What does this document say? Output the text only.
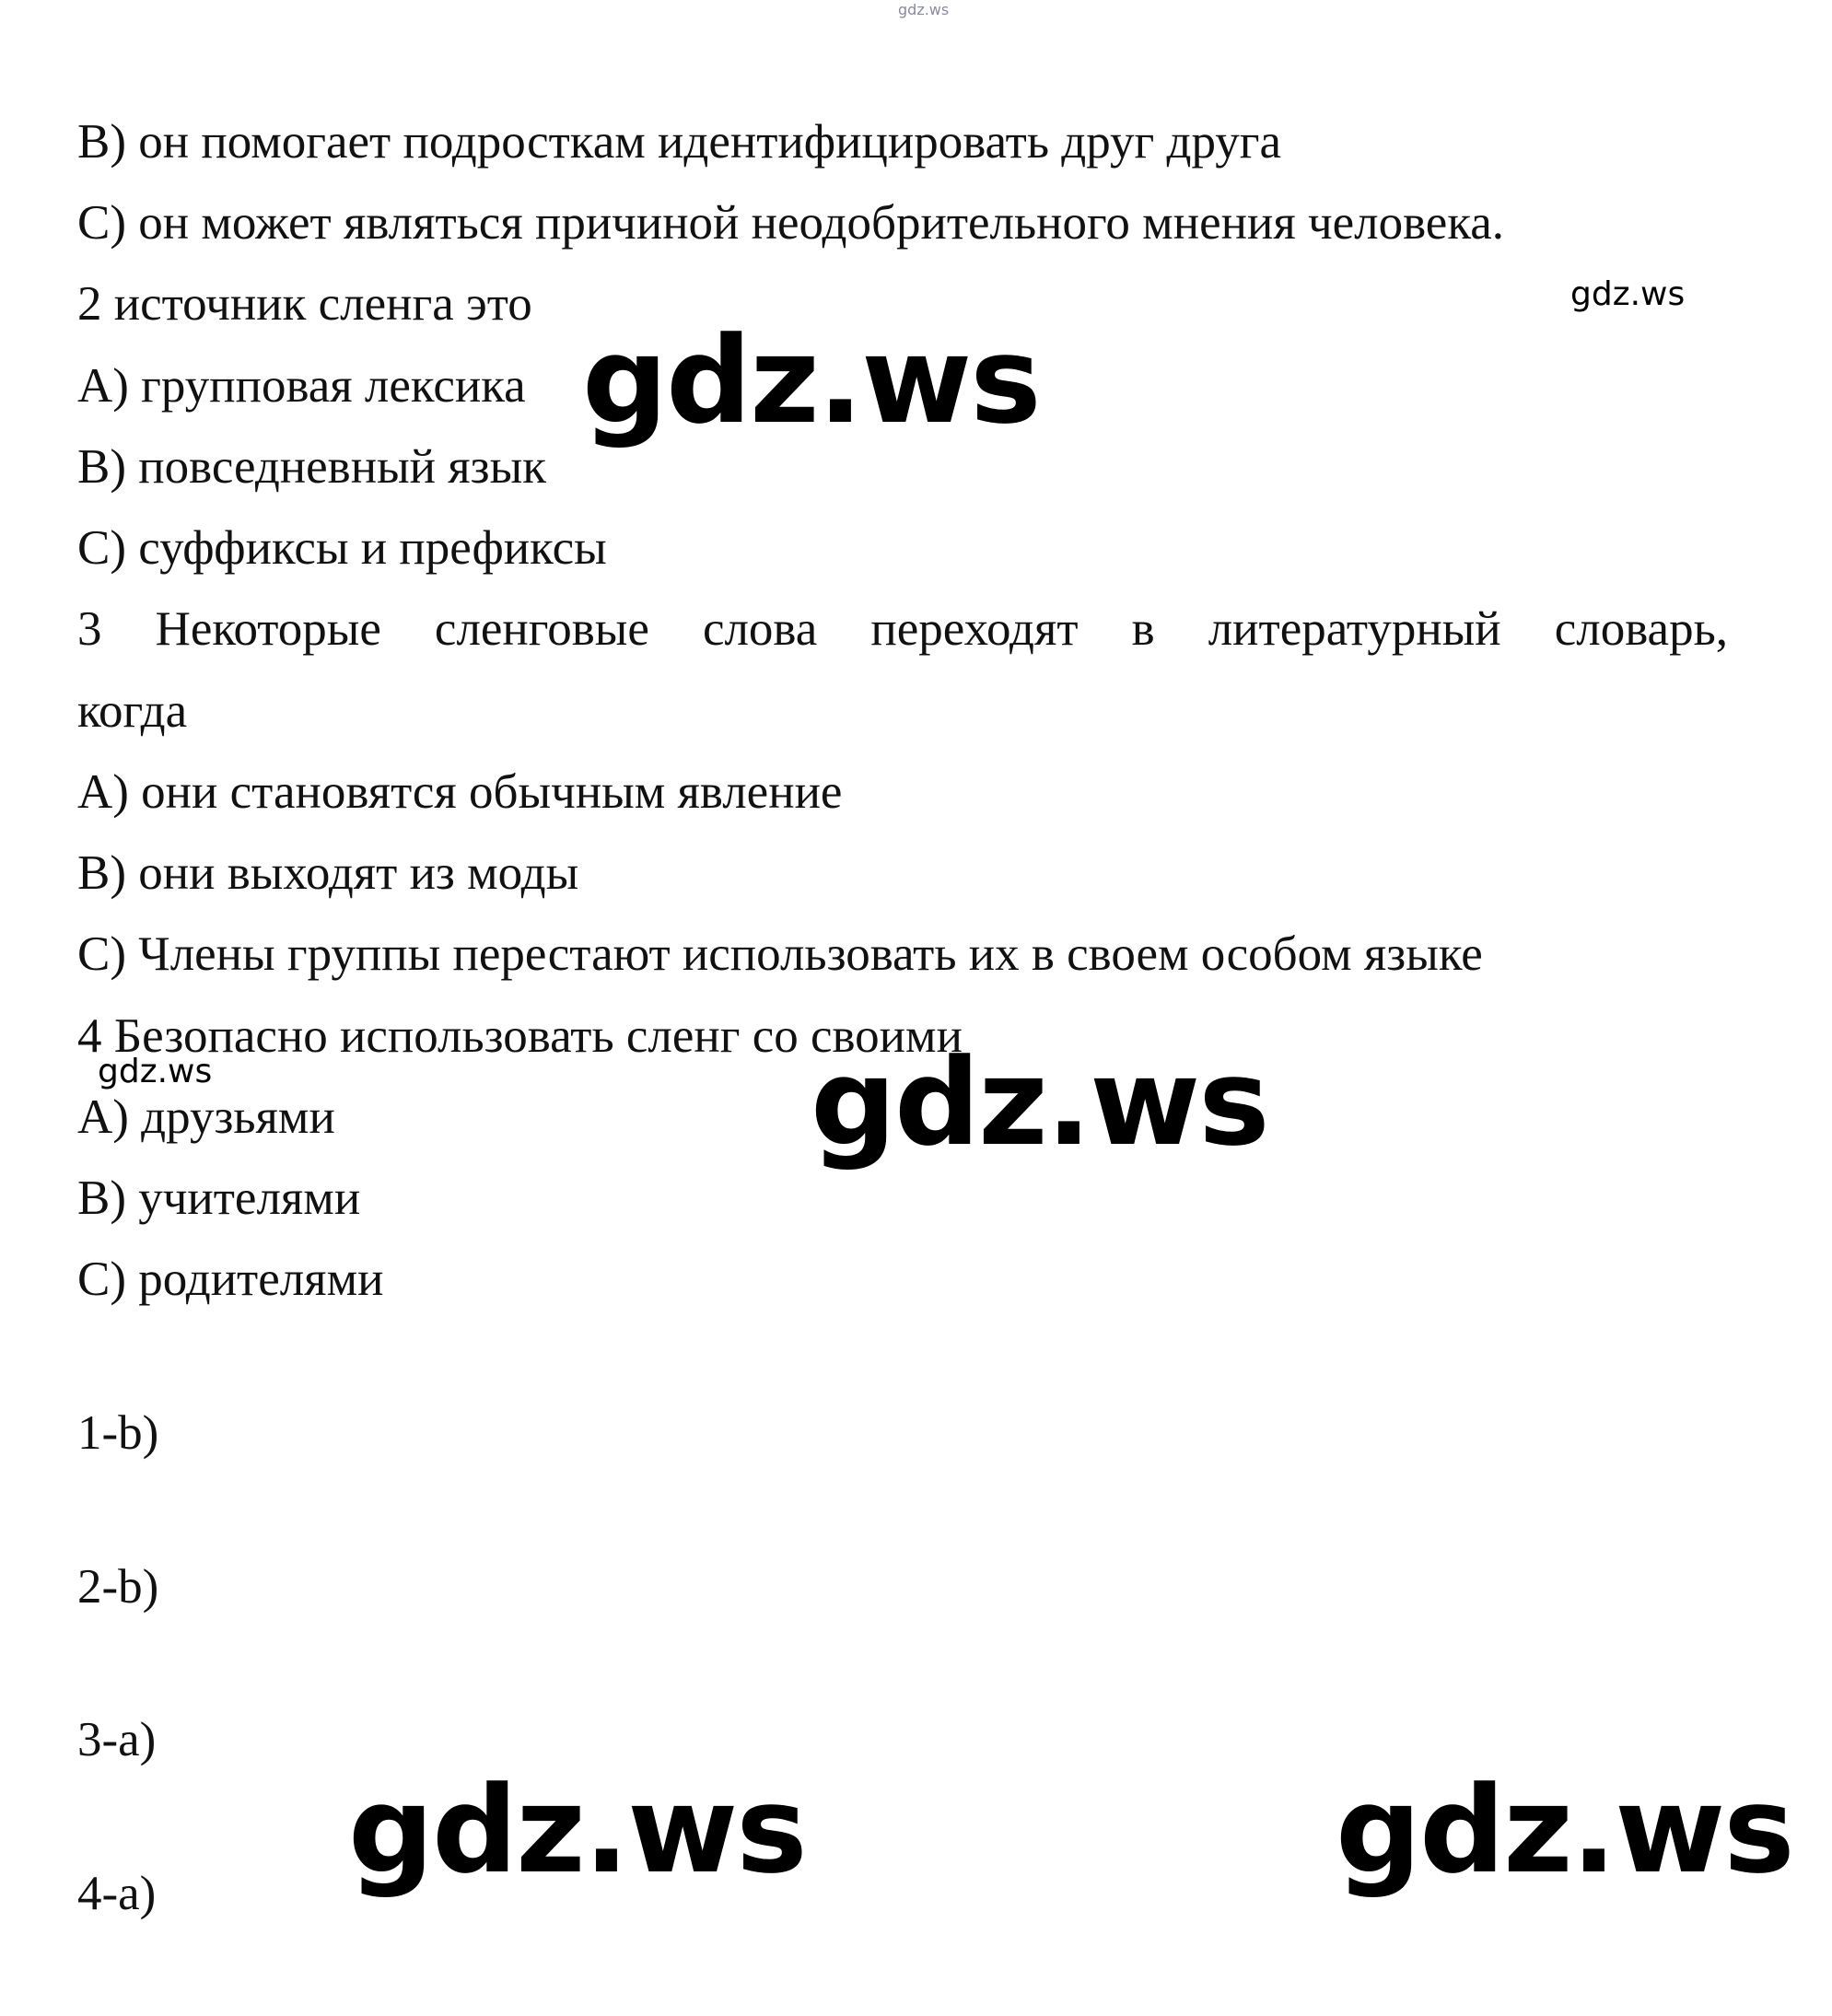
gdz.ws
gdz.ws
gdz.ws
gdz.ws
gdz.ws
gdz.ws	gdz.ws
B) он помогает подросткам идентифицировать друг друга
C) он может являться причиной неодобрительного мнения человека.
2 источник сленга это
A) групповая лексика
B) повседневный язык
C) суффиксы и префиксы
3 Некоторые сленговые слова переходят в литературный словарь,
когда
A) они становятся обычным явление
B) они выходят из моды
C) Члены группы перестают использовать их в своем особом языке
4 Безопасно использовать сленг со своими
A) друзьями
B) учителями
C) родителями
1-b)
2-b)
3-a)
4-a)
